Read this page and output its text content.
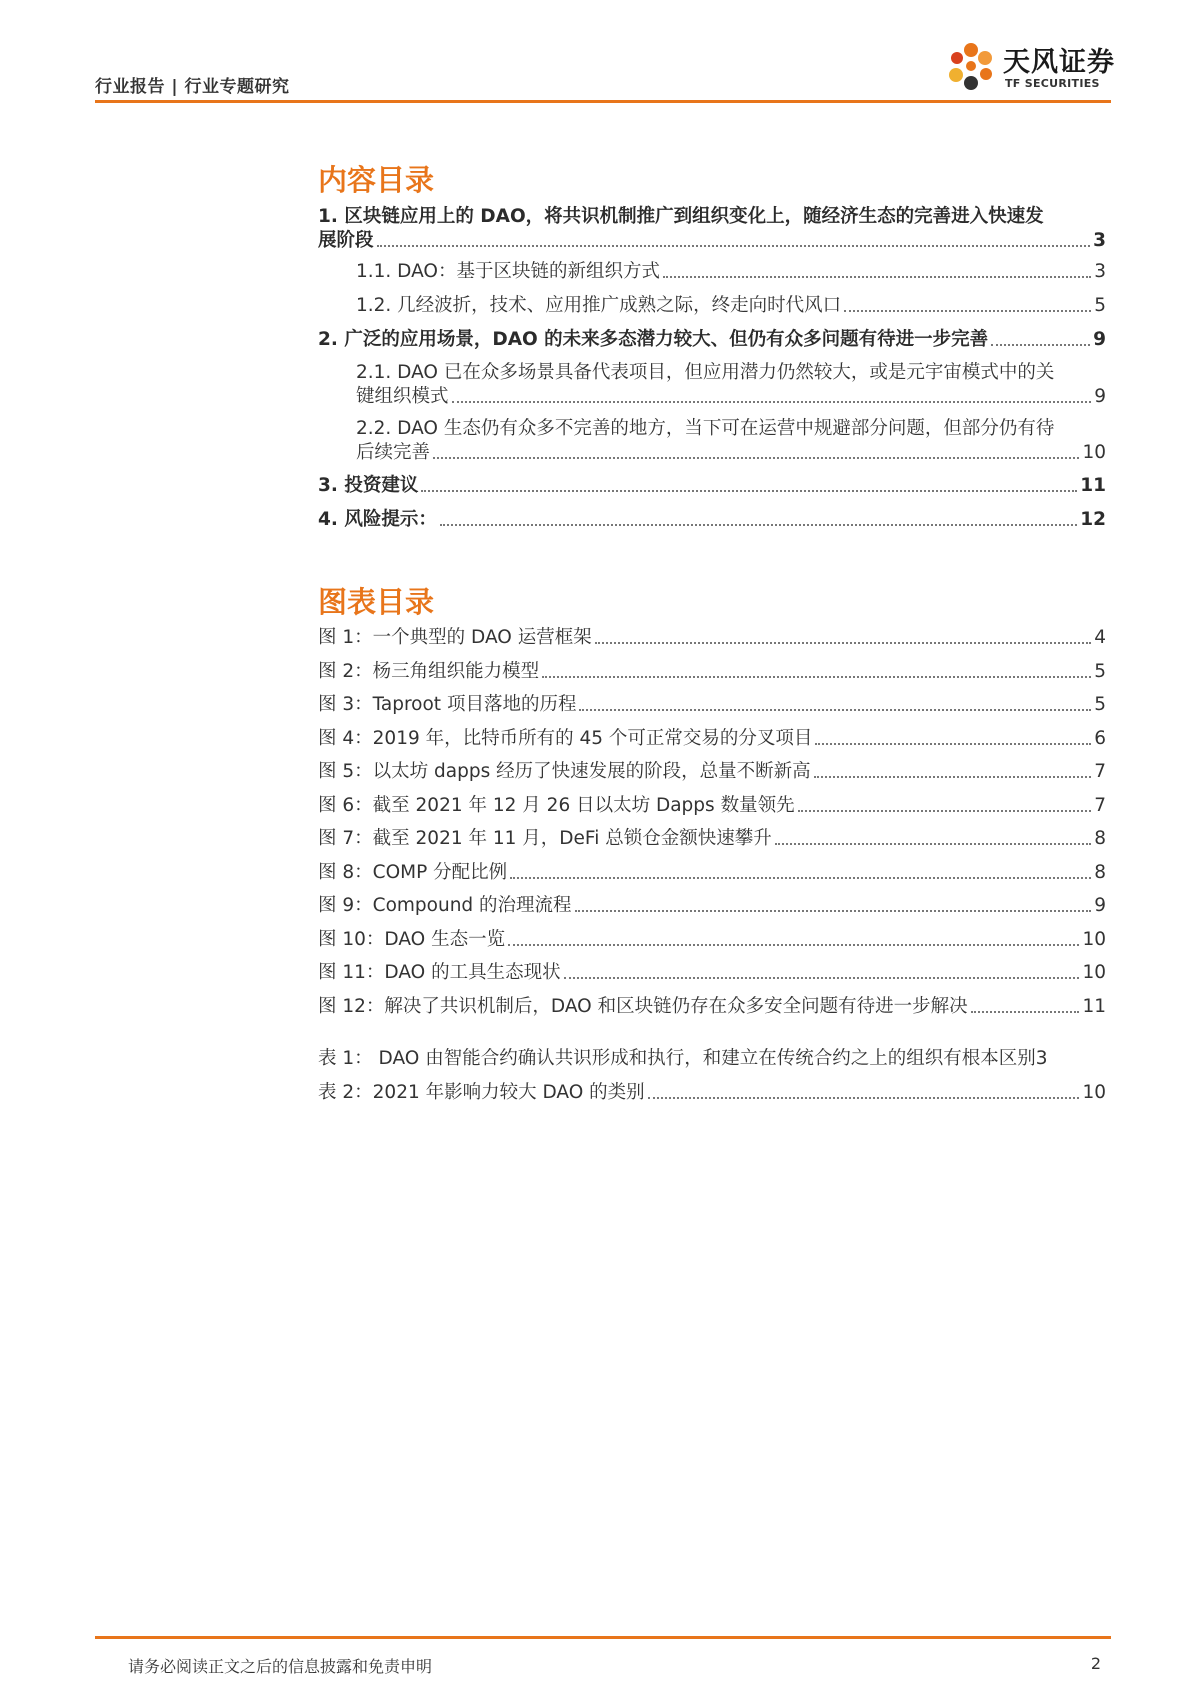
行业报告 | 行业专题研究
天风证券
TF SECURITIES
内容目录
1. 区块链应用上的 DAO，将共识机制推广到组织变化上，随经济生态的完善进入快速发
展阶段	3
1.1. DAO：基于区块链的新组织方式	3
1.2. 几经波折，技术、应用推广成熟之际，终走向时代风口	5
2. 广泛的应用场景，DAO 的未来多态潜力较大、但仍有众多问题有待进一步完善	9
2.1. DAO 已在众多场景具备代表项目，但应用潜力仍然较大，或是元宇宙模式中的关
键组织模式	9
2.2. DAO 生态仍有众多不完善的地方，当下可在运营中规避部分问题，但部分仍有待
后续完善	10
3. 投资建议	11
4. 风险提示：	12
图表目录
图 1：一个典型的 DAO 运营框架	4
图 2：杨三角组织能力模型	5
图 3：Taproot 项目落地的历程	5
图 4：2019 年，比特币所有的 45 个可正常交易的分叉项目	6
图 5：以太坊 dapps 经历了快速发展的阶段，总量不断新高	7
图 6：截至 2021 年 12 月 26 日以太坊 Dapps 数量领先	7
图 7：截至 2021 年 11 月，DeFi 总锁仓金额快速攀升	8
图 8：COMP 分配比例	8
图 9：Compound 的治理流程	9
图 10：DAO 生态一览	10
图 11：DAO 的工具生态现状	10
图 12：解决了共识机制后，DAO 和区块链仍存在众多安全问题有待进一步解决	11
表 1： DAO 由智能合约确认共识形成和执行，和建立在传统合约之上的组织有根本区别 3
表 2：2021 年影响力较大 DAO 的类别	10
请务必阅读正文之后的信息披露和免责申明	2
